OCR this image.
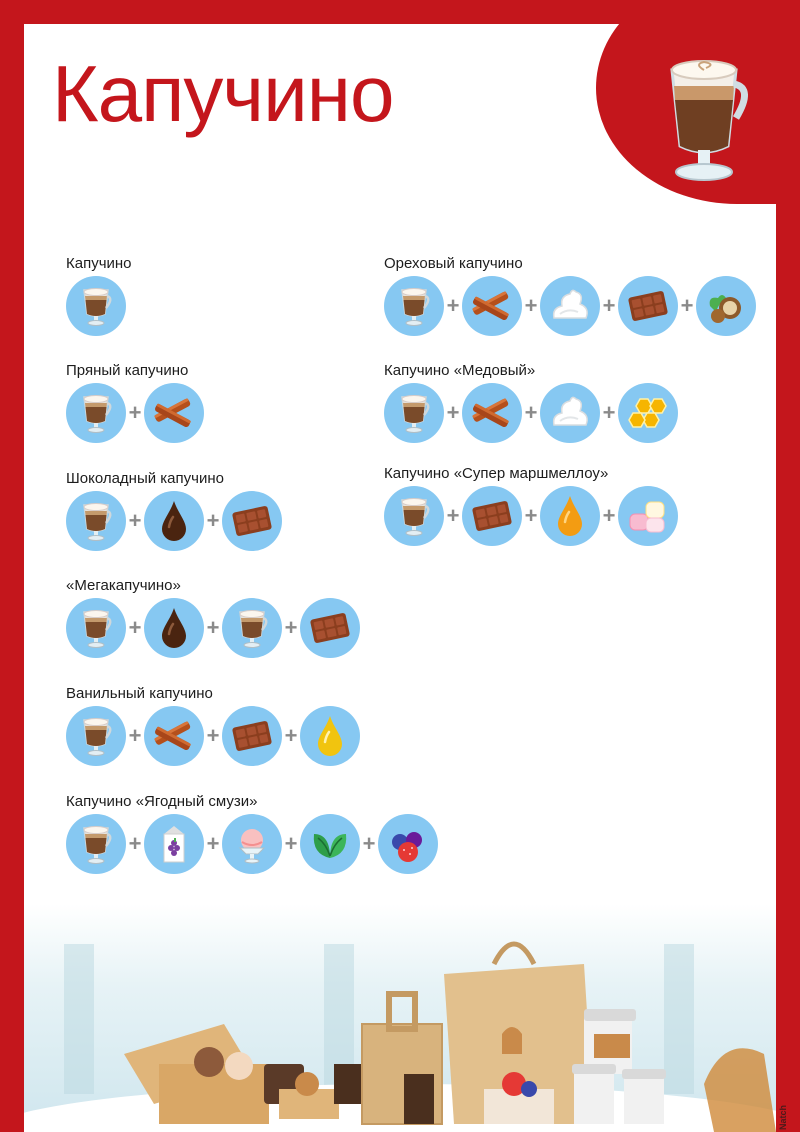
Капучино
Капучино
Пряный капучино
+
Шоколадный капучино
+	+
«Мегакапучино»
+	+	+
Ванильный капучино
+	+	+
Капучино «Ягодный смузи»
+	+	+	+
Ореховый капучино
+	+	+	+
Капучино «Медовый»
+	+	+
Капучино «Супер маршмеллоу»
+	+	+
Natch
